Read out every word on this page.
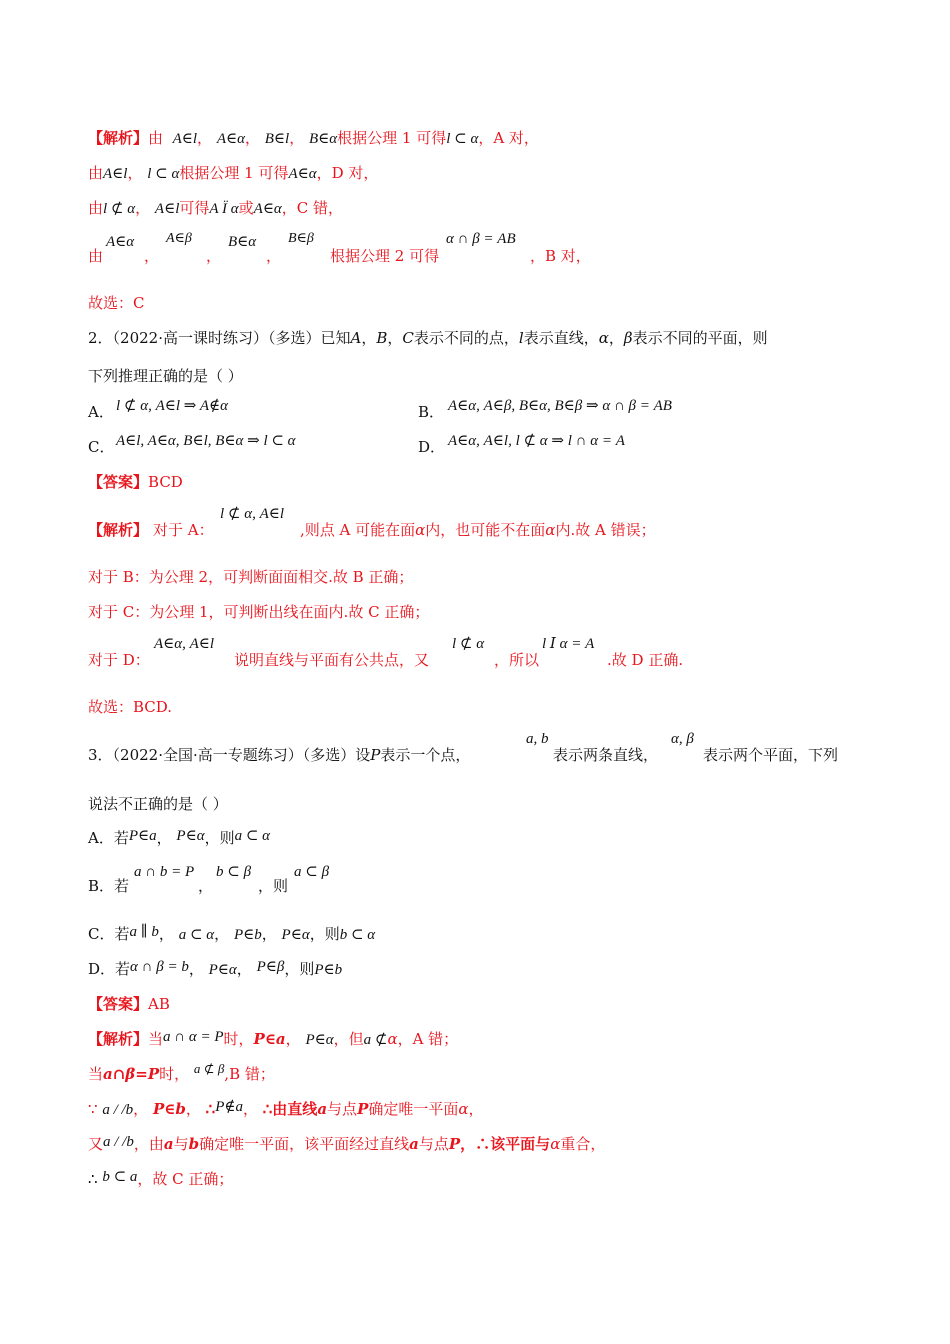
【解析】由 A∈l， A∈α， B∈l， B∈α根据公理 1 可得l ⊂ α，A 对，
由A∈l， l ⊂ α根据公理 1 可得A∈α，D 对，
由l ⊄ α， A∈l可得A Ï α或A∈α，C 错，
由
A∈α
，
A∈β
，
B∈α
，
B∈β
根据公理 2 可得
α ∩ β = AB
，B 对，
故选：C
2．（2022·高一课时练习）（多选）已知A，B，C表示不同的点，l表示直线，α，β表示不同的平面，则
下列推理正确的是（ ）
A． l ⊄ α, A∈l ⇒ A∉α	B． A∈α, A∈β, B∈α, B∈β ⇒ α ∩ β = AB
C． A∈l, A∈α, B∈l, B∈α ⇒ l ⊂ α	D． A∈α, A∈l, l ⊄ α ⇒ l ∩ α = A
【答案】BCD
【解析】 对于 A：
l ⊄ α, A∈l
,则点 A 可能在面α内，也可能不在面α内.故 A 错误；
对于 B：为公理 2，可判断面面相交.故 B 正确；
对于 C：为公理 1，可判断出线在面内.故 C 正确；
对于 D：
A∈α, A∈l
说明直线与平面有公共点，又
l ⊄ α
，所以
l Ⅰ α = A
.故 D 正确.
故选：BCD.
3．（2022·全国·高一专题练习）（多选）设P表示一个点，
a, b
表示两条直线，
α, β
表示两个平面，下列
说法不正确的是（ ）
A．若P∈a， P∈α，则a ⊂ α
B．若
a ∩ b = P
，
b ⊂ β
，则
a ⊂ β
C．若a ∥ b， a ⊂ α， P∈b， P∈α，则b ⊂ α
D．若α ∩ β = b， P∈α， P∈β，则P∈b
【答案】AB
【解析】当a ∩ α = P时，P∈a， P∈α，但a ⊄α，A 错；
当a∩β=P时， a ⊄ β,B 错；
∵ a / /b， P∈b， ∴P∉a， ∴由直线a与点P确定唯一平面α，
又a / /b，由a与b确定唯一平面，该平面经过直线a与点P，∴该平面与α重合，
∴ b ⊂ a，故 C 正确；
